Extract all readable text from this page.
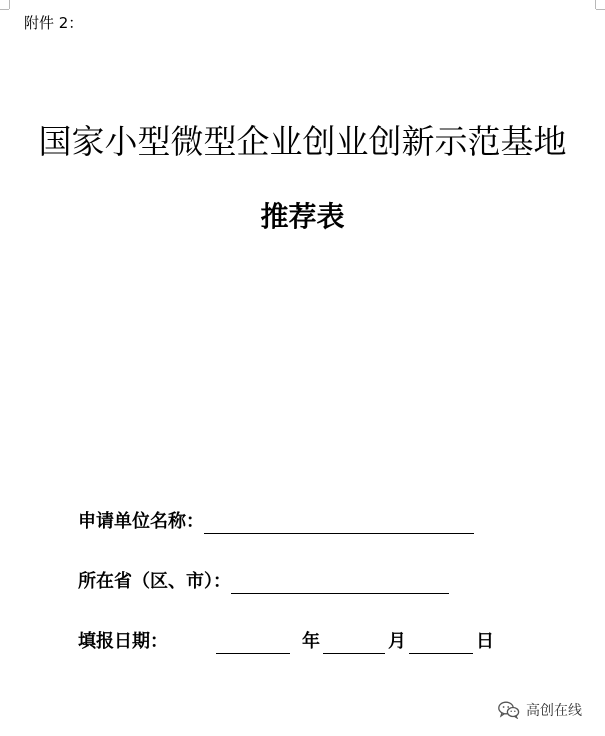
附件 2：
国家小型微型企业创业创新示范基地
推荐表
申请单位名称：
所在省（区、市）：
填报日期：	年	月	日
高创在线
